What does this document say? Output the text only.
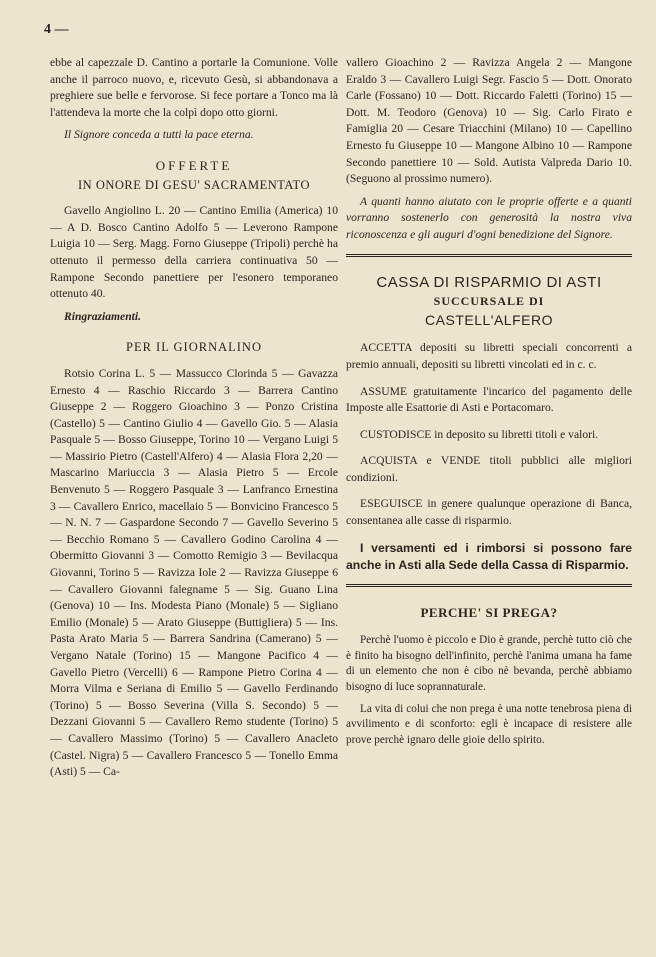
4 —

ebbe al capezzale D. Cantino a portarle la Comunione. Volle anche il parroco nuovo, e, ricevuto Gesù, si abbandonava a preghiere sue belle e fervorose. Si fece portare a Tonco ma là l'attendeva la morte che la colpì dopo otto giorni.

Il Signore conceda a tutti la pace eterna.

OFFERTE
IN ONORE DI GESU' SACRAMENTATO

Gavello Angiolino L. 20 — Cantino Emilia (America) 10 — A D. Bosco Cantino Adolfo 5 — Leverono Rampone Luigia 10 — Serg. Magg. Forno Giuseppe (Tripoli) perchè ha ottenuto il permesso della carriera continuativa 50 — Rampone Secondo panettiere per l'esonero temporaneo ottenuto 40.

Ringraziamenti.
PER IL GIORNALINO

Rotsio Corina L. 5 — Massucco Clorinda 5 — Gavazza Ernesto 4 — Raschio Riccardo 3 — Barrera Cantino Giuseppe 2 — Roggero Gioachino 3 — Ponzo Cristina (Castello) 5 — Cantino Giulio 4 — Gavello Gio. 5 — Alasia Pasquale 5 — Bosso Giuseppe, Torino 10 — Vergano Luigi 5 — Massirio Pietro (Castell'Alfero) 4 — Alasia Flora 2,20 — Mascarino Mariuccia 3 — Alasia Pietro 5 — Ercole Benvenuto 5 — Roggero Pasquale 3 — Lanfranco Ernestina 3 — Cavallero Enrico, macellaio 5 — Bonvicino Francesco 5 — N. N. 7 — Gaspardone Secondo 7 — Gavello Severino 5 — Becchio Romano 5 — Cavallero Godino Carolina 4 — Obermitto Giovanni 3 — Comotto Remigio 3 — Bevilacqua Giovanni, Torino 5 — Ravizza Iole 2 — Ravizza Giuseppe 6 — Cavallero Giovanni falegname 5 — Sig. Guano Lina (Genova) 10 — Ins. Modesta Piano (Monale) 5 — Sigliano Emilio (Monale) 5 — Arato Giuseppe (Buttigliera) 5 — Ins. Pasta Arato Maria 5 — Barrera Sandrina (Camerano) 5 — Vergano Natale (Torino) 15 — Mangone Pacifico 4 — Gavello Pietro (Vercelli) 6 — Rampone Pietro Corina 4 — Morra Vilma e Seriana di Emilio 5 — Gavello Ferdinando (Torino) 5 — Bosso Severina (Villa S. Secondo) 5 — Dezzani Giovanni 5 — Cavallero Remo studente (Torino) 5 — Cavallero Massimo (Torino) 5 — Cavallero Anacleto (Castel. Nigra) 5 — Cavallero Francesco 5 — Tonello Emma (Asti) 5 — Ca-

vallero Gioachino 2 — Ravizza Angela 2 — Mangone Eraldo 3 — Cavallero Luigi Segr. Fascio 5 — Dott. Onorato Carle (Fossano) 10 — Dott. Riccardo Faletti (Torino) 15 — Dott. M. Teodoro (Genova) 10 — Sig. Carlo Firato e Famiglia 20 — Cesare Triacchini (Milano) 10 — Capellino Ernesto fu Giuseppe 10 — Mangone Albino 10 — Rampone Secondo panettiere 10 — Sold. Autista Valpreda Dario 10. (Seguono al prossimo numero).

A quanti hanno aiutato con le proprie offerte e a quanti vorranno sostenerlo con generosità la nostra viva riconoscenza e gli auguri d'ogni benedizione del Signore.

CASSA DI RISPARMIO DI ASTI
SUCCURSALE DI
CASTELL'ALFERO

ACCETTA depositi su libretti speciali concorrenti a premio annuali, depositi su libretti vincolati ed in c. c.

ASSUME gratuitamente l'incarico del pagamento delle Imposte alle Esattorie di Asti e Portacomaro.

CUSTODISCE in deposito su libretti titoli e valori.

ACQUISTA e VENDE titoli pubblici alle migliori condizioni.

ESEGUISCE in genere qualunque operazione di Banca, consentanea alle casse di risparmio.

I versamenti ed i rimborsi si possono fare anche in Asti alla Sede della Cassa di Risparmio.

PERCHE' SI PREGA?

Perchè l'uomo è piccolo e Dio è grande, perchè tutto ciò che è finito ha bisogno dell'infinito, perchè l'anima umana ha fame di un elemento che non è cibo nè bevanda, perchè abbiamo bisogno di luce soprannaturale.

La vita di colui che non prega è una notte tenebrosa piena di avvilimento e di sconforto: egli è incapace di resistere alle prove perchè ignaro delle gioie dello spirito.
